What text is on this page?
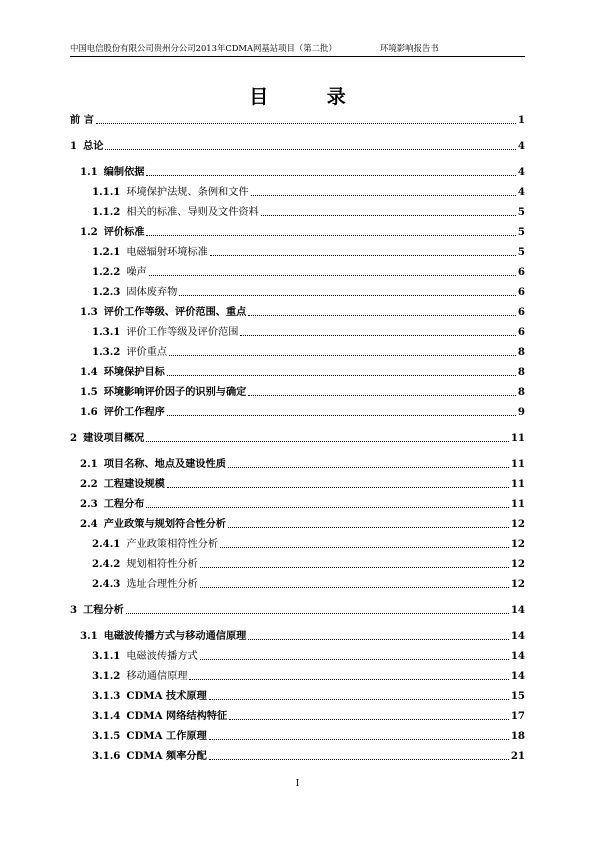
中国电信股份有限公司贵州分公司2013年CDMA网基站项目（第二批）	环境影响报告书
目 录
前 言	1
1 总论	4
1.1 编制依据	4
1.1.1 环境保护法规、条例和文件	4
1.1.2 相关的标准、导则及文件资料	5
1.2 评价标准	5
1.2.1 电磁辐射环境标准	5
1.2.2 噪声	6
1.2.3 固体废弃物	6
1.3 评价工作等级、评价范围、重点	6
1.3.1 评价工作等级及评价范围	6
1.3.2 评价重点	8
1.4 环境保护目标	8
1.5 环境影响评价因子的识别与确定	8
1.6 评价工作程序	9
2 建设项目概况	11
2.1 项目名称、地点及建设性质	11
2.2 工程建设规模	11
2.3 工程分布	11
2.4 产业政策与规划符合性分析	12
2.4.1 产业政策相符性分析	12
2.4.2 规划相符性分析	12
2.4.3 选址合理性分析	12
3 工程分析	14
3.1 电磁波传播方式与移动通信原理	14
3.1.1 电磁波传播方式	14
3.1.2 移动通信原理	14
3.1.3 CDMA 技术原理	15
3.1.4 CDMA 网络结构特征	17
3.1.5 CDMA 工作原理	18
3.1.6 CDMA 频率分配	21
I
